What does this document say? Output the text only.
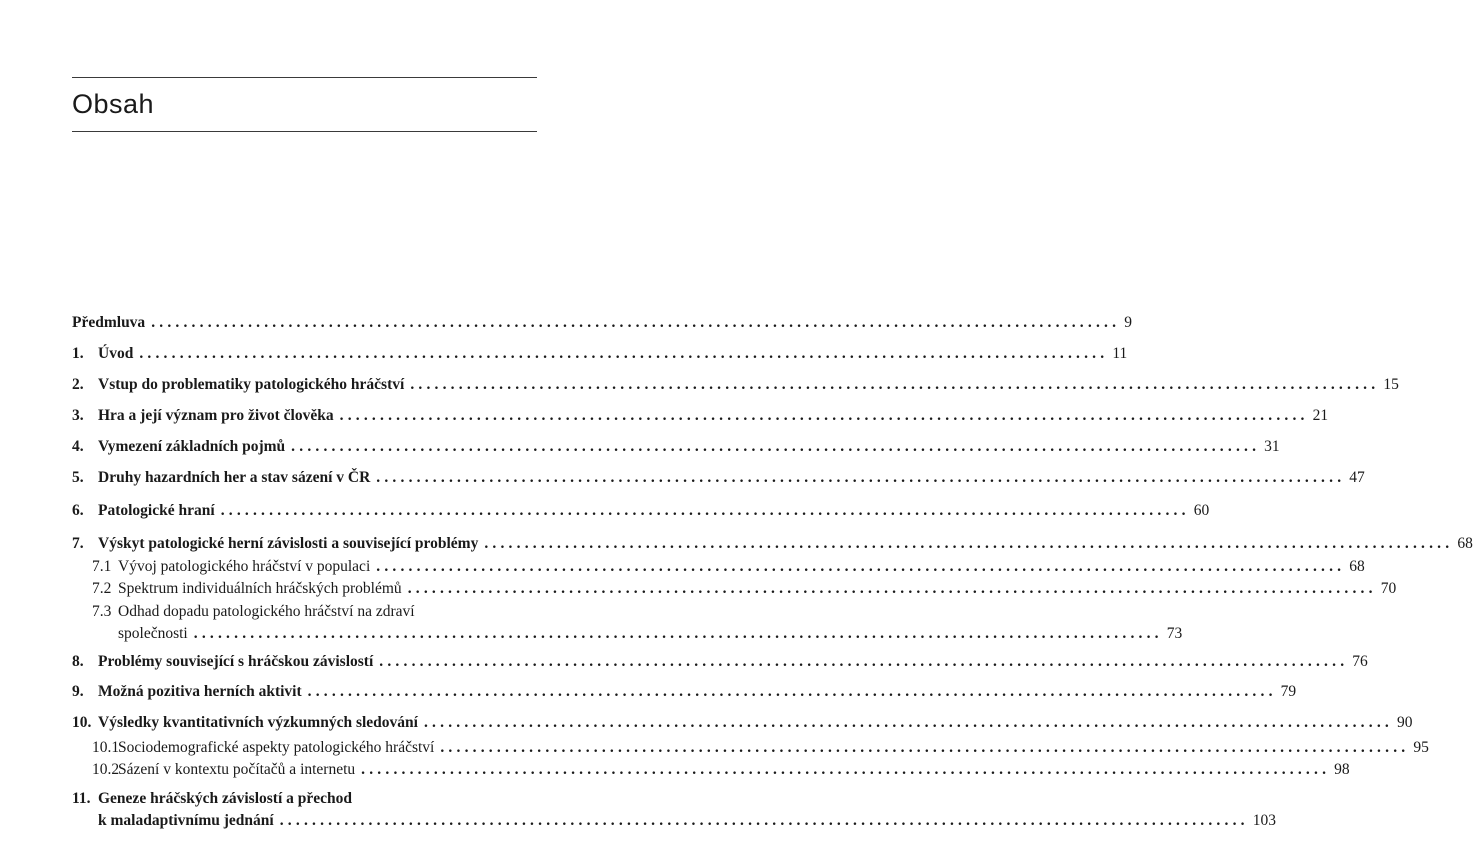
Obsah
Předmluva ........................................................................................................................ 9
1. Úvod ........................................................................................................................ 11
2. Vstup do problematiky patologického hráčství ........................................................................................................................ 15
3. Hra a její význam pro život člověka ........................................................................................................................ 21
4. Vymezení základních pojmů ........................................................................................................................ 31
5. Druhy hazardních her a stav sázení v ČR ........................................................................................................................ 47
6. Patologické hraní ........................................................................................................................ 60
7. Výskyt patologické herní závislosti a související problémy ........................................................................................................................ 68
7.1 Vývoj patologického hráčství v populaci ........................................................................................................................ 68
7.2 Spektrum individuálních hráčských problémů ........................................................................................................................ 70
7.3 Odhad dopadu patologického hráčství na zdraví
společnosti ........................................................................................................................ 73
8. Problémy související s hráčskou závislostí ........................................................................................................................ 76
9. Možná pozitiva herních aktivit ........................................................................................................................ 79
10. Výsledky kvantitativních výzkumných sledování ........................................................................................................................ 90
10.1
Sociodemografické aspekty patologického hráčství ........................................................................................................................ 95
10.2
Sázení v kontextu počítačů a internetu ........................................................................................................................ 98
11. Geneze hráčských závislostí a přechod
k maladaptivnímu jednání ........................................................................................................................ 103
